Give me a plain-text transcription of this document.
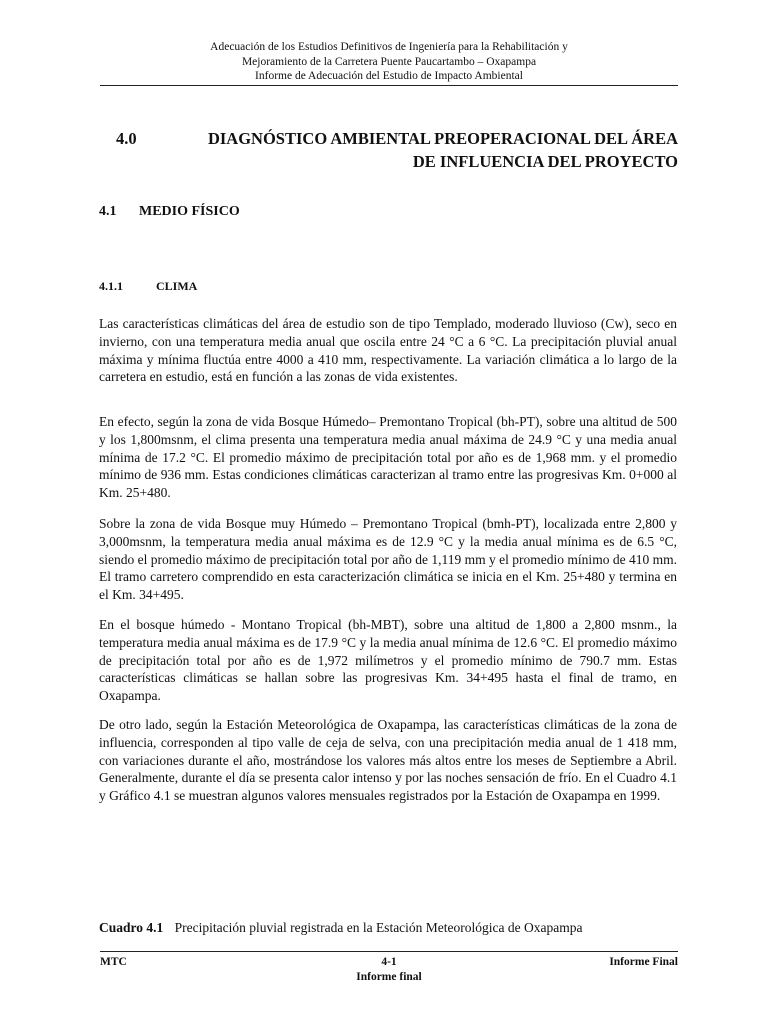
Adecuación de los Estudios Definitivos de Ingeniería para la Rehabilitación y
Mejoramiento de la Carretera Puente Paucartambo – Oxapampa
Informe de Adecuación del Estudio de Impacto Ambiental
4.0	DIAGNÓSTICO AMBIENTAL PREOPERACIONAL DEL ÁREA
DE INFLUENCIA DEL PROYECTO
4.1 MEDIO FÍSICO
4.1.1	CLIMA

Las características climáticas del área de estudio son de tipo Templado, moderado lluvioso (Cw), seco en invierno, con una temperatura media anual que oscila entre 24 °C a 6 °C. La precipitación pluvial anual máxima y mínima fluctúa entre 4000 a 410 mm, respectivamente. La variación climática a lo largo de la carretera en estudio, está en función a las zonas de vida existentes.

En efecto, según la zona de vida Bosque Húmedo– Premontano Tropical (bh-PT), sobre una altitud de 500 y los 1,800msnm, el clima presenta una temperatura media anual máxima de 24.9 °C y una media anual mínima de 17.2 °C. El promedio máximo de precipitación total por año es de 1,968 mm. y el promedio mínimo de 936 mm. Estas condiciones climáticas caracterizan al tramo entre las progresivas Km. 0+000 al Km. 25+480.

Sobre la zona de vida Bosque muy Húmedo – Premontano Tropical (bmh-PT), localizada entre 2,800 y 3,000msnm, la temperatura media anual máxima es de 12.9 °C y la media anual mínima es de 6.5 °C, siendo el promedio máximo de precipitación total por año de 1,119 mm y el promedio mínimo de 410 mm. El tramo carretero comprendido en esta caracterización climática se inicia en el Km. 25+480 y termina en el Km. 34+495.

En el bosque húmedo - Montano Tropical (bh-MBT), sobre una altitud de 1,800 a 2,800 msnm., la temperatura media anual máxima es de 17.9 °C y la media anual mínima de 12.6 °C. El promedio máximo de precipitación total por año es de 1,972 milímetros y el promedio mínimo de 790.7 mm. Estas características climáticas se hallan sobre las progresivas Km. 34+495 hasta el final de tramo, en Oxapampa.

De otro lado, según la Estación Meteorológica de Oxapampa, las características climáticas de la zona de influencia, corresponden al tipo valle de ceja de selva, con una precipitación media anual de 1 418 mm, con variaciones durante el año, mostrándose los valores más altos entre los meses de Septiembre a Abril. Generalmente, durante el día se presenta calor intenso y por las noches sensación de frío. En el Cuadro 4.1 y Gráfico 4.1 se muestran algunos valores mensuales registrados por la Estación de Oxapampa en 1999.

Cuadro 4.1 Precipitación pluvial registrada en la Estación Meteorológica de Oxapampa
MTC	Informe Final
4-1
Informe final
